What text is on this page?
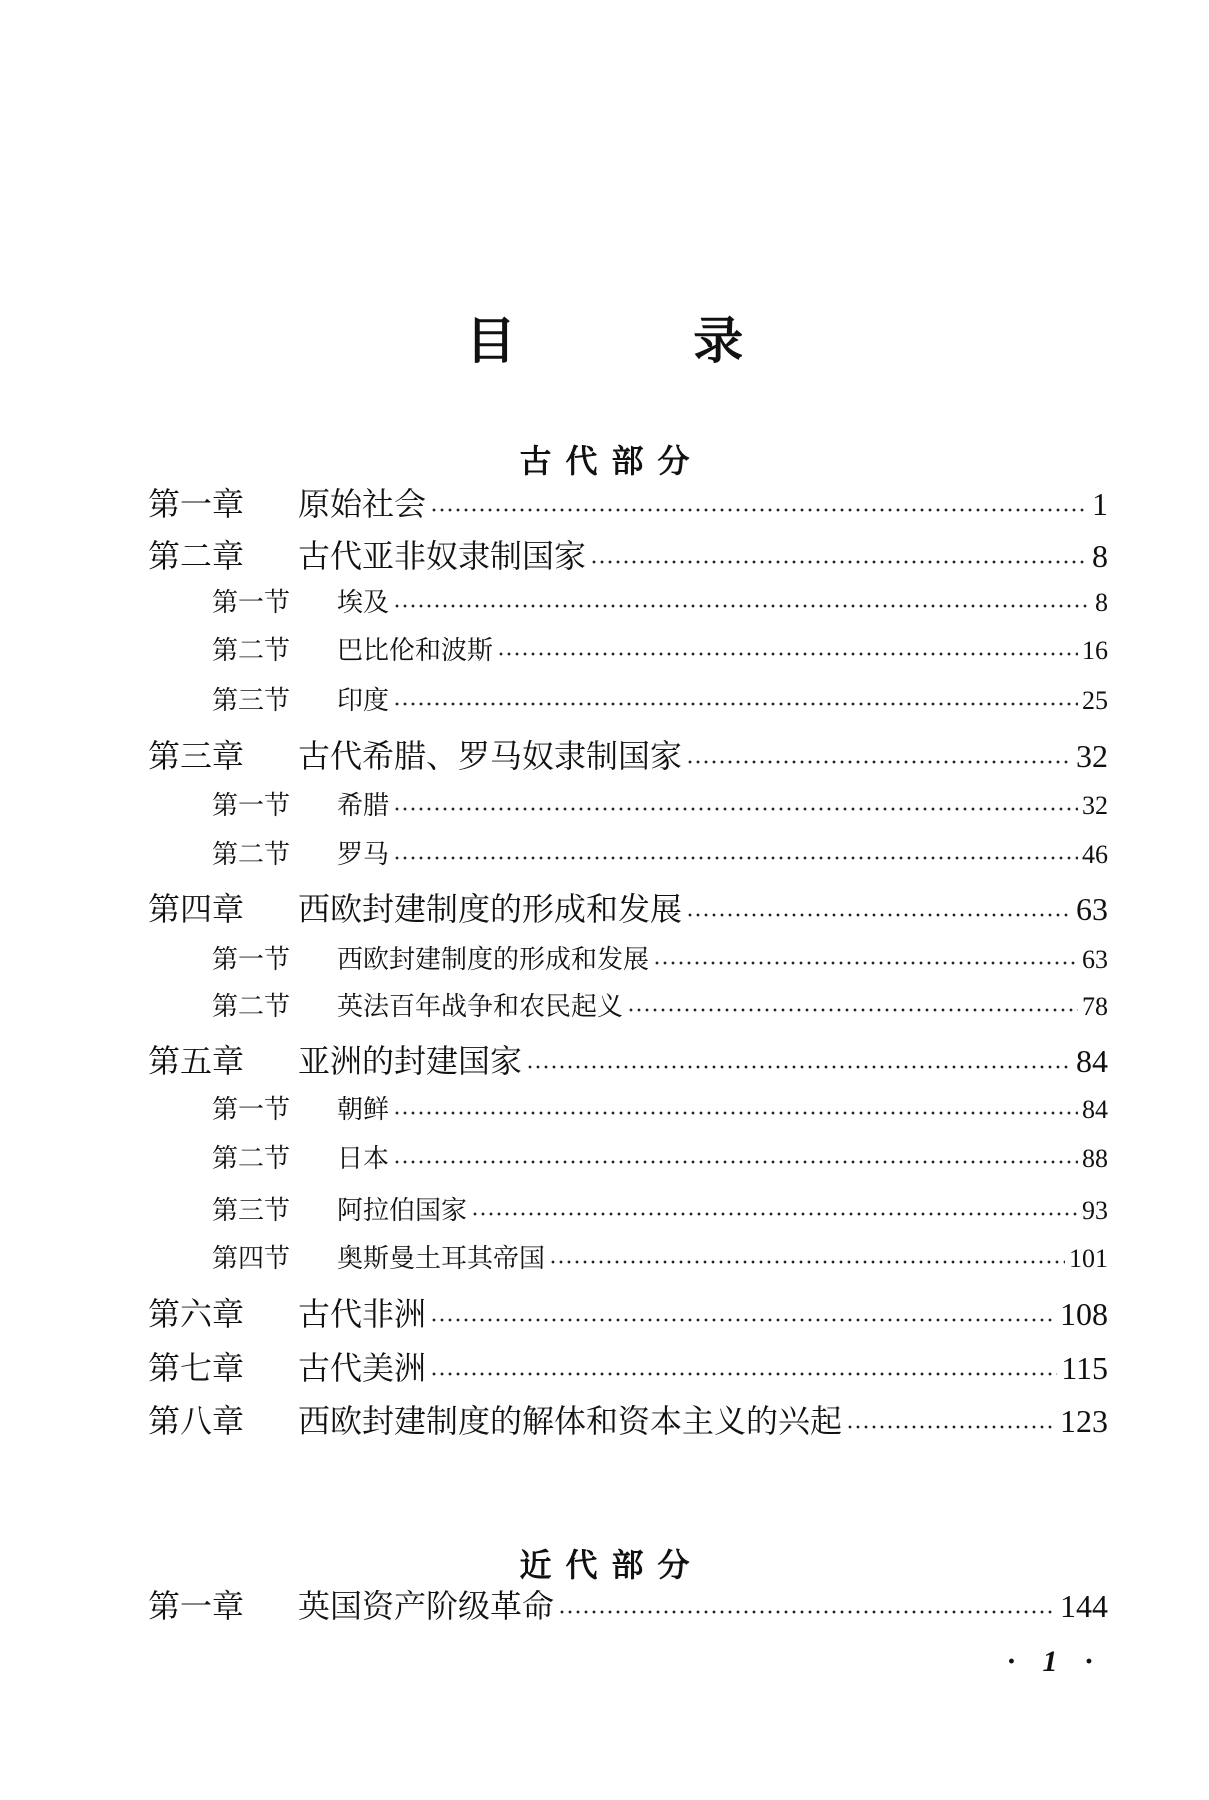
目 录
古代部分
近代部分
第一章	原始社会	1
第二章	古代亚非奴隶制国家	8
第一节	埃及	8
第二节	巴比伦和波斯	16
第三节	印度	25
第三章	古代希腊、罗马奴隶制国家	32
第一节	希腊	32
第二节	罗马	46
第四章	西欧封建制度的形成和发展	63
第一节	西欧封建制度的形成和发展	63
第二节	英法百年战争和农民起义	78
第五章	亚洲的封建国家	84
第一节	朝鲜	84
第二节	日本	88
第三节	阿拉伯国家	93
第四节	奥斯曼土耳其帝国	101
第六章	古代非洲	108
第七章	古代美洲	115
第八章	西欧封建制度的解体和资本主义的兴起	123
第一章	英国资产阶级革命	144
· 1 ·
